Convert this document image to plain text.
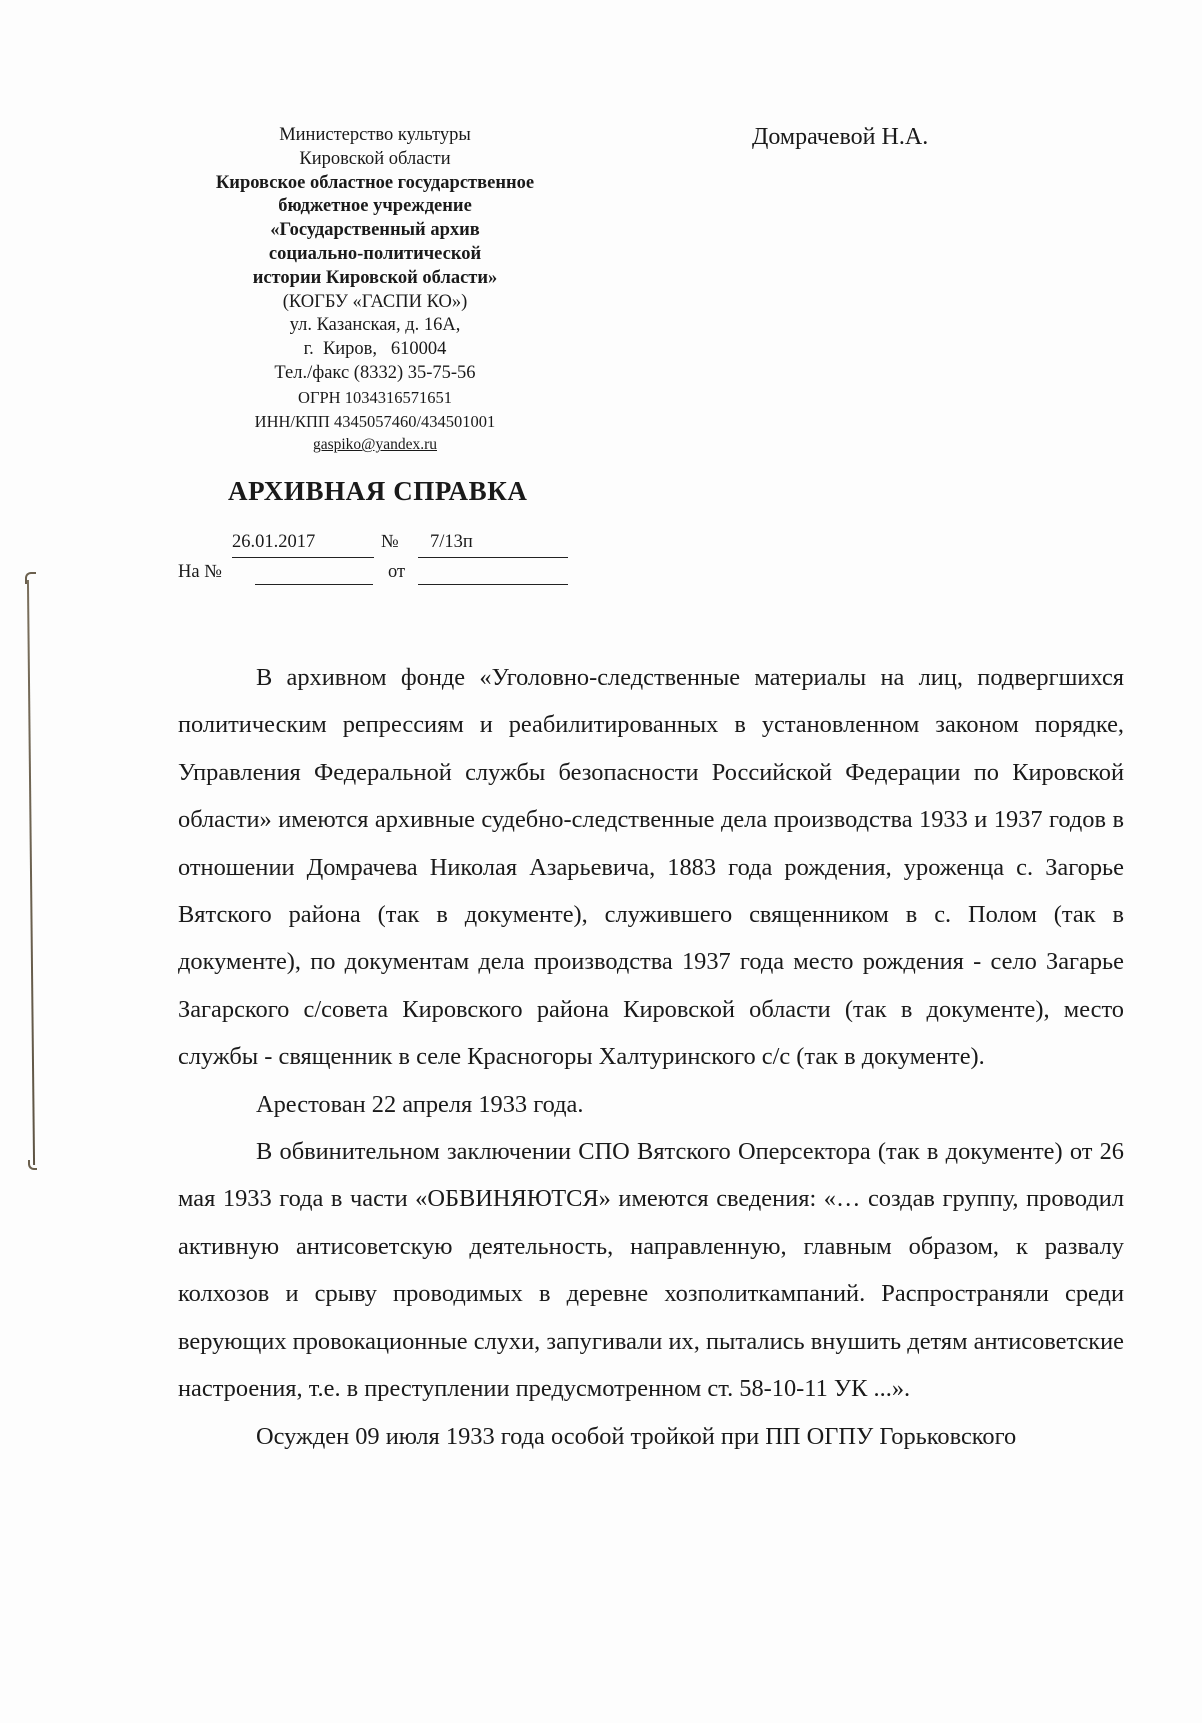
Министерство культуры
Кировской области
Кировское областное государственное
бюджетное учреждение
«Государственный архив
социально-политической
истории Кировской области»
(КОГБУ «ГАСПИ КО»)
ул. Казанская, д. 16А,
г.  Киров,   610004
Тел./факс (8332) 35-75-56
ОГРН 1034316571651
ИНН/КПП 4345057460/434501001
gaspiko@yandex.ru
Домрачевой Н.А.
АРХИВНАЯ СПРАВКА
26.01.2017	№ 7/13п
На №	от

В архивном фонде «Уголовно-следственные материалы на лиц, подвергшихся политическим репрессиям и реабилитированных в установленном законом порядке, Управления Федеральной службы безопасности Российской Федерации по Кировской области» имеются архивные судебно-следственные дела производства 1933 и 1937 годов в отношении Домрачева Николая Азарьевича, 1883 года рождения, уроженца с. Загорье Вятского района (так в документе), служившего священником в с. Полом (так в документе), по документам дела производства 1937 года место рождения - село Загарье Загарского с/совета Кировского района Кировской области (так в документе), место службы - священник в селе Красногоры Халтуринского с/с (так в документе).

Арестован 22 апреля 1933 года.

В обвинительном заключении СПО Вятского Оперсектора (так в документе) от 26 мая 1933 года в части «ОБВИНЯЮТСЯ» имеются сведения: «… создав группу, проводил активную антисоветскую деятельность, направленную, главным образом, к развалу колхозов и срыву проводимых в деревне хозполиткампаний. Распространяли среди верующих провокационные слухи, запугивали их, пытались внушить детям антисоветские настроения, т.е. в преступлении предусмотренном ст. 58-10-11 УК ...».

Осужден 09 июля 1933 года особой тройкой при ПП ОГПУ Горьковского
